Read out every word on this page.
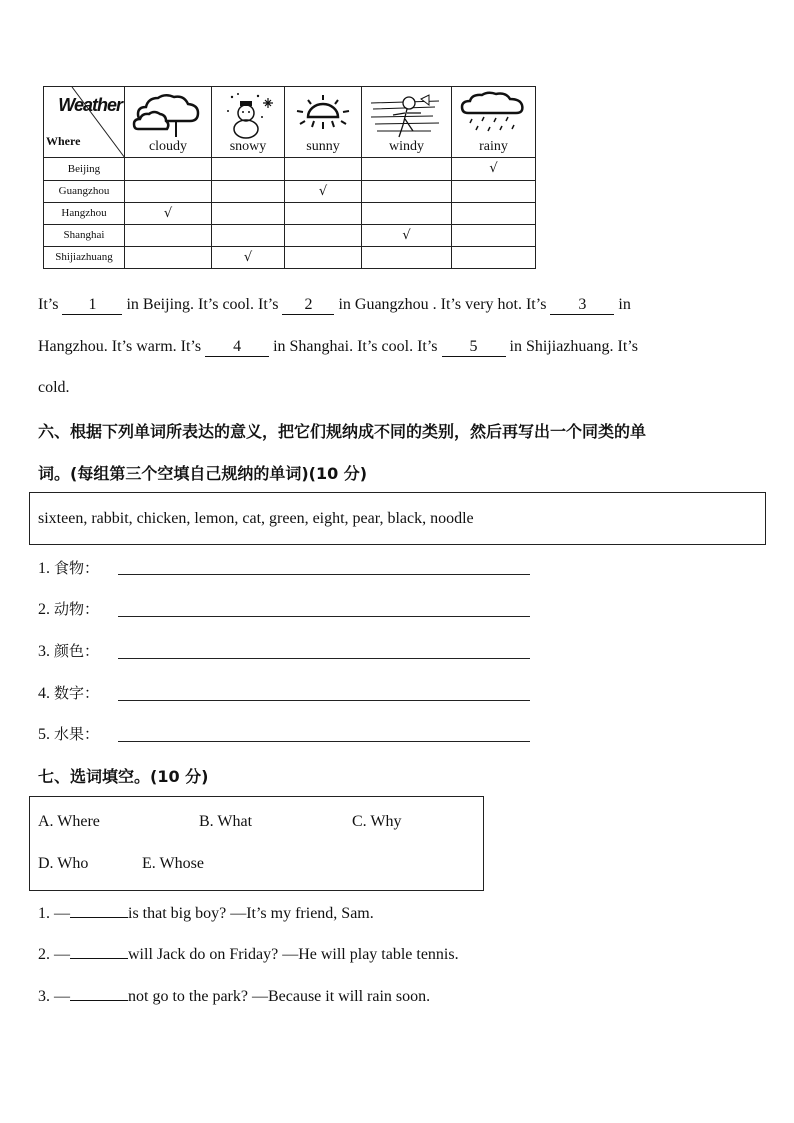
Weather
Where	cloudy	snowy	sunny	windy	rainy

Beijing					√
Guangzhou			√		
Hangzhou	√				
Shanghai				√	
Shijiazhuang		√			
It’s 1 in Beijing. It’s cool. It’s 2 in Guangzhou . It’s very hot. It’s 3 in
Hangzhou. It’s warm. It’s 4 in Shanghai. It’s cool. It’s 5 in Shijiazhuang. It’s
cold.
六、根据下列单词所表达的意义，把它们规纳成不同的类别，然后再写出一个同类的单
词。(每组第三个空填自己规纳的单词)(10 分)
sixteen, rabbit, chicken, lemon, cat, green, eight, pear, black, noodle
1. 食物：
2. 动物：
3. 颜色：
4. 数字：
5. 水果：
七、选词填空。(10 分)
A. Where	B. What	C. Why
D. Who	E. Whose
1. —	is that big boy? —It’s my friend, Sam.
2. —	will Jack do on Friday? —He will play table tennis.
3. —	not go to the park? —Because it will rain soon.
